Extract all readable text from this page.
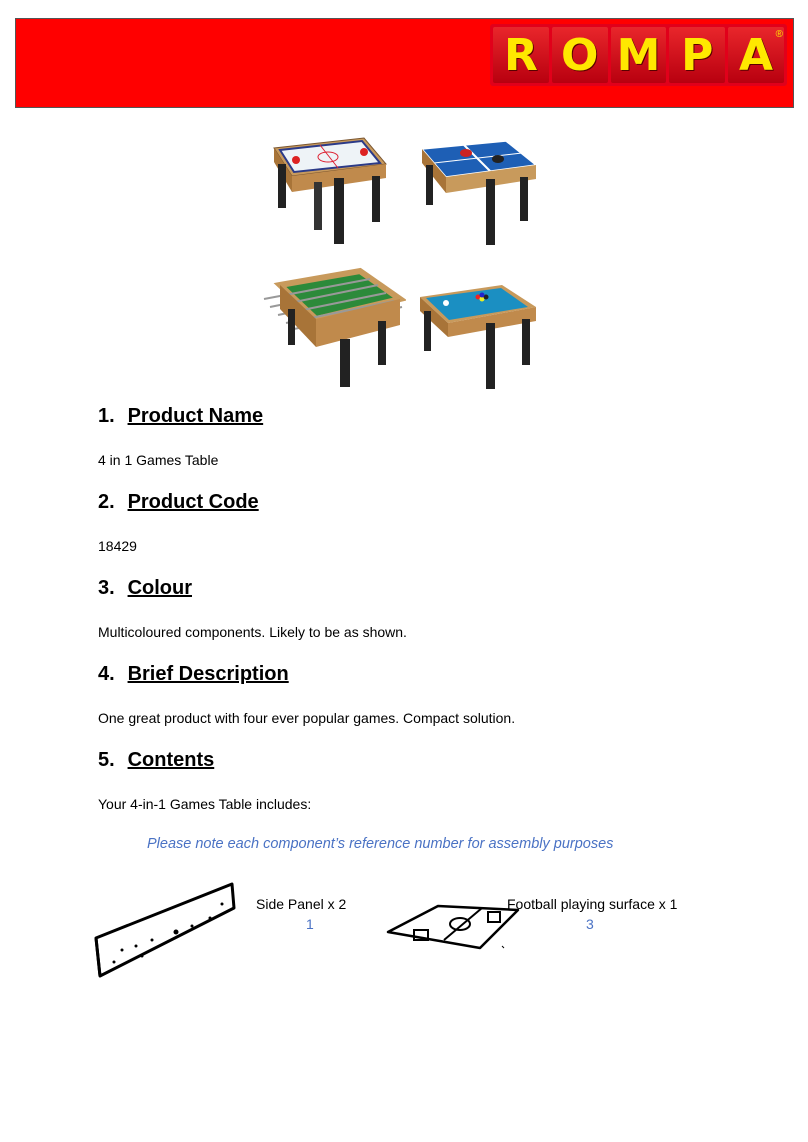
R O M P A ®
1. Product Name

4 in 1 Games Table

2. Product Code

18429

3. Colour

Multicoloured components. Likely to be as shown.

4. Brief Description

One great product with four ever popular games. Compact solution.

5. Contents

Your 4-in-1 Games Table includes:

Please note each component’s reference number for assembly purposes

Side Panel x 2
1
Football playing surface x 1
3
